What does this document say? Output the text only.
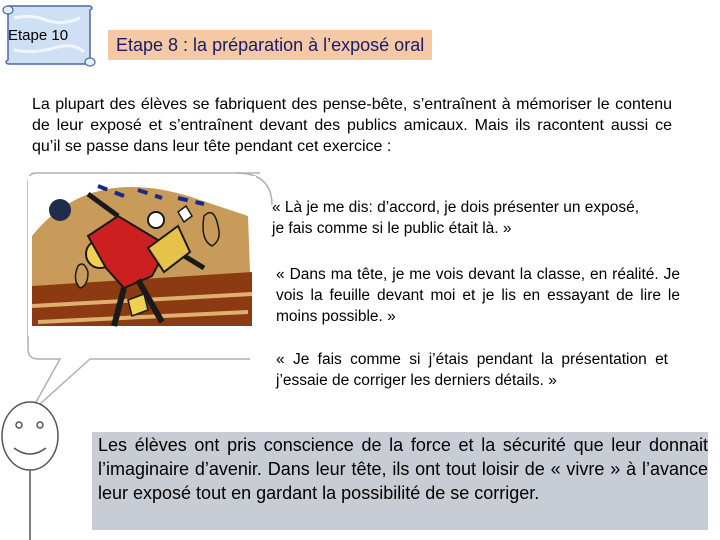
Etape 10	Etape 8 : la préparation à l’exposé oral
La plupart des élèves se fabriquent des pense-bête, s’entraînent à mémoriser le contenu de leur exposé et s’entraînent devant des publics amicaux. Mais ils racontent aussi ce qu’il se passe dans leur tête pendant cet exercice :
« Là je me dis: d’accord, je dois présenter un exposé, je fais comme si le public était là. »
« Dans ma tête, je me vois devant la classe, en réalité. Je vois la feuille devant moi et je lis en essayant de lire le moins possible. »
« Je fais comme si j’étais pendant la présentation et j’essaie de corriger les derniers détails. »
Les élèves ont pris conscience de la force et la sécurité que leur donnait l’imaginaire d’avenir. Dans leur tête, ils ont tout loisir de « vivre » à l’avance leur exposé tout en gardant la possibilité de se corriger.
